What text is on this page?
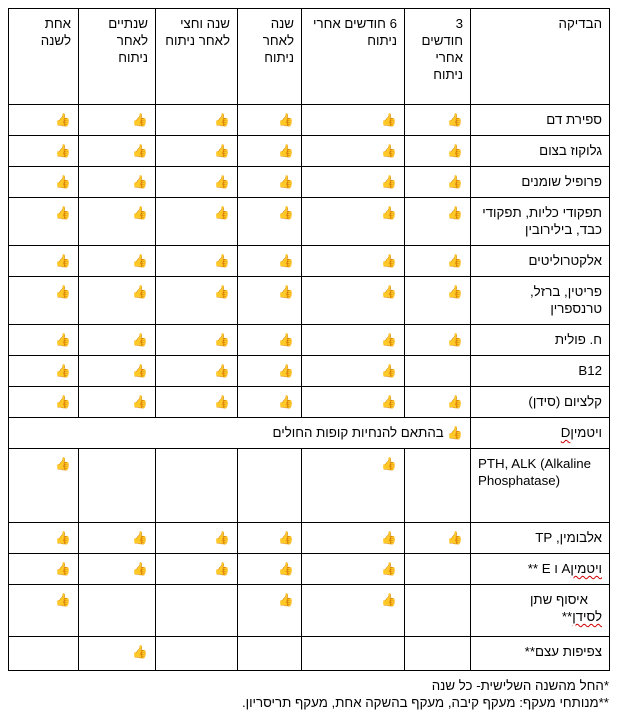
הבדיקה	3 חודשים אחרי ניתוח	6 חודשים אחרי ניתוח	שנה לאחר ניתוח	שנה וחצי לאחר ניתוח	שנתיים לאחר ניתוח	אחת לשנה
ספירת דם	👍	👍	👍	👍	👍	👍
גלוקוז בצום	👍	👍	👍	👍	👍	👍
פרופיל שומנים	👍	👍	👍	👍	👍	👍
תפקודי כליות, תפקודי כבד, בילירובין	👍	👍	👍	👍	👍	👍
אלקטרוליטים	👍	👍	👍	👍	👍	👍
פריטין, ברזל, טרנספרין	👍	👍	👍	👍	👍	👍
ח. פולית	👍	👍	👍	👍	👍	👍
B12		👍	👍	👍	👍	👍
קלציום (סידן)	👍	👍	👍	👍	👍	👍
ויטמיןD	👍 בהתאם להנחיות קופות החולים					

PTH, ALK (Alkaline Phosphatase)		👍				👍
אלבומין, TP	👍	👍	👍	👍	👍	👍
ויטמיןA ו E **		👍	👍	👍	👍	👍

איסוף שתן
לסידן**		👍	👍			👍
צפיפות עצם**					👍	
*החל מהשנה השלישית- כל שנה
**מנותחי מעקף: מעקף קיבה, מעקף בהשקה אחת, מעקף תריסריון.
